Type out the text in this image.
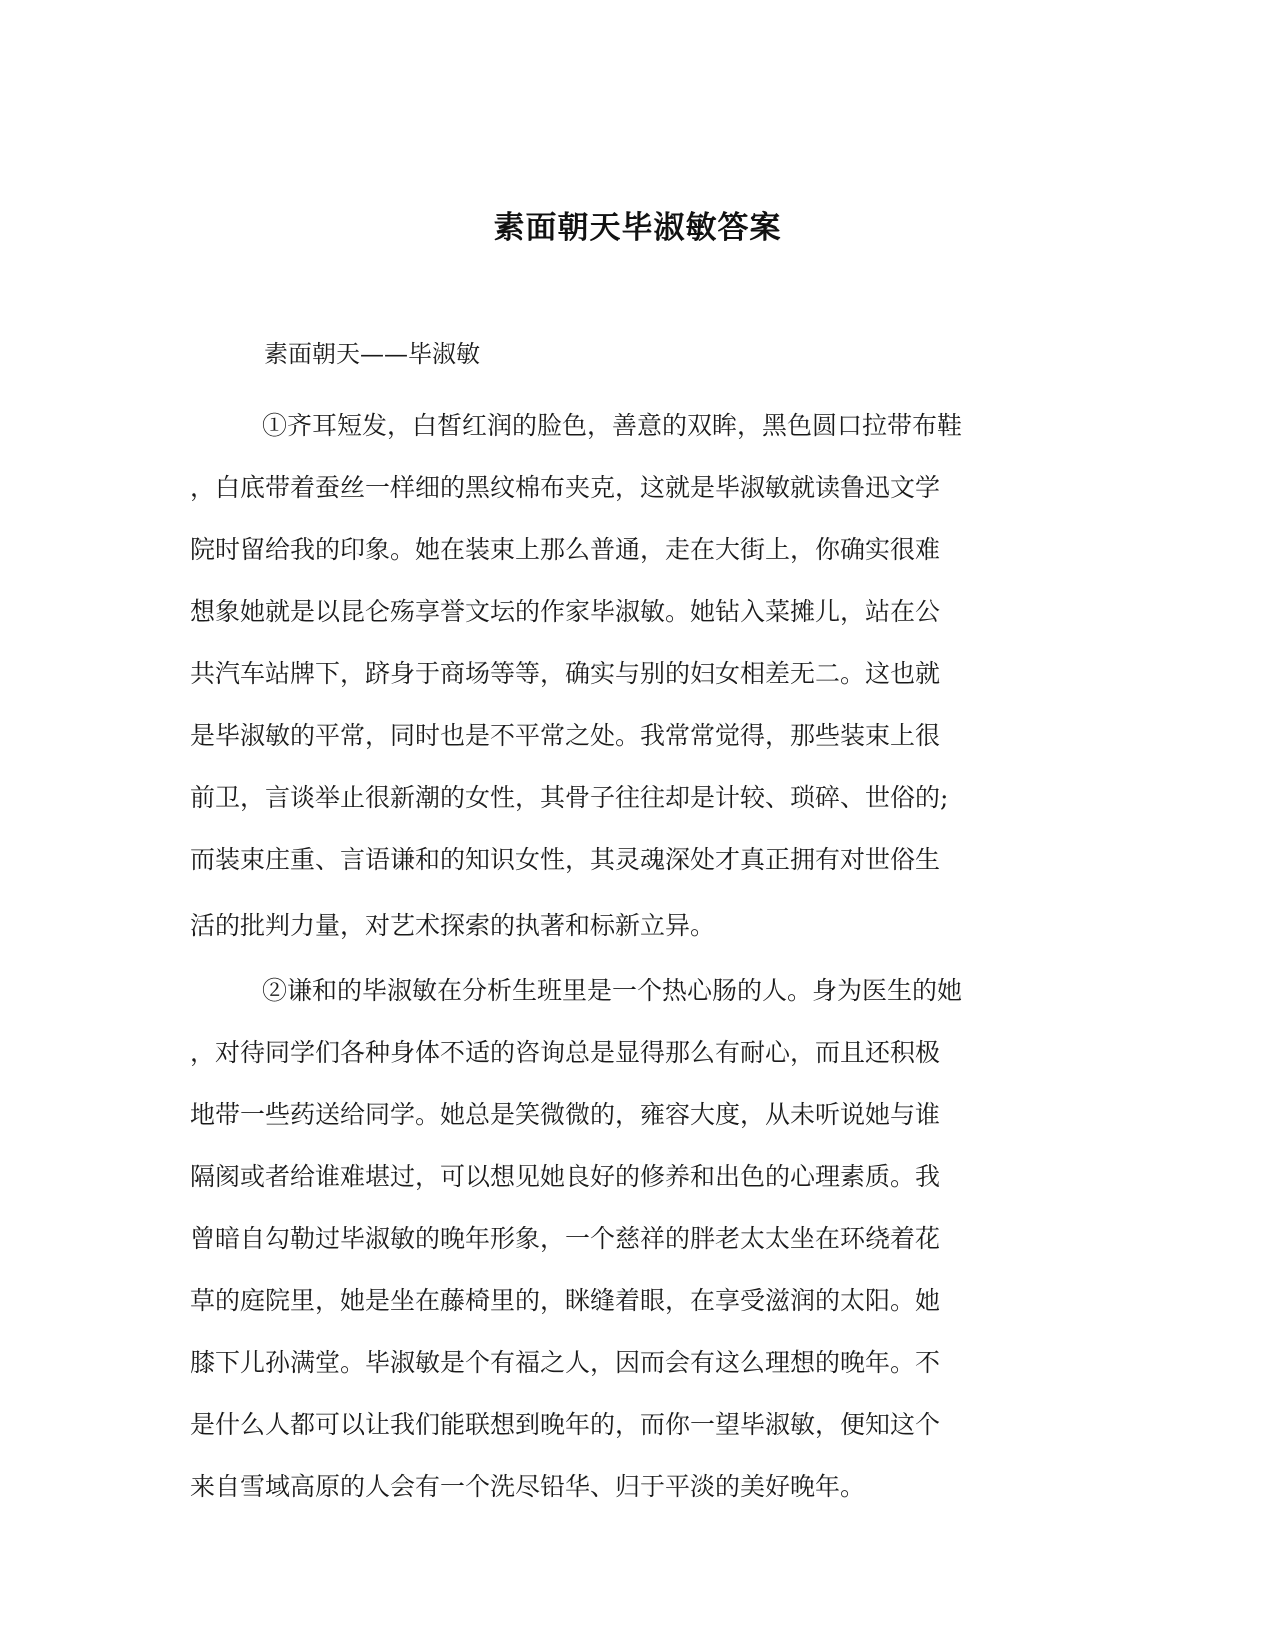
素面朝天毕淑敏答案
素面朝天——毕淑敏
①齐耳短发，白皙红润的脸色，善意的双眸，黑色圆口拉带布鞋
，白底带着蚕丝一样细的黑纹棉布夹克，这就是毕淑敏就读鲁迅文学
院时留给我的印象。她在装束上那么普通，走在大街上，你确实很难
想象她就是以昆仑殇享誉文坛的作家毕淑敏。她钻入菜摊儿，站在公
共汽车站牌下，跻身于商场等等，确实与别的妇女相差无二。这也就
是毕淑敏的平常，同时也是不平常之处。我常常觉得，那些装束上很
前卫，言谈举止很新潮的女性，其骨子往往却是计较、琐碎、世俗的;
而装束庄重、言语谦和的知识女性，其灵魂深处才真正拥有对世俗生
活的批判力量，对艺术探索的执著和标新立异。
②谦和的毕淑敏在分析生班里是一个热心肠的人。身为医生的她
，对待同学们各种身体不适的咨询总是显得那么有耐心，而且还积极
地带一些药送给同学。她总是笑微微的，雍容大度，从未听说她与谁
隔阂或者给谁难堪过，可以想见她良好的修养和出色的心理素质。我
曾暗自勾勒过毕淑敏的晚年形象，一个慈祥的胖老太太坐在环绕着花
草的庭院里，她是坐在藤椅里的，眯缝着眼，在享受滋润的太阳。她
膝下儿孙满堂。毕淑敏是个有福之人，因而会有这么理想的晚年。不
是什么人都可以让我们能联想到晚年的，而你一望毕淑敏，便知这个
来自雪域高原的人会有一个洗尽铅华、归于平淡的美好晚年。
